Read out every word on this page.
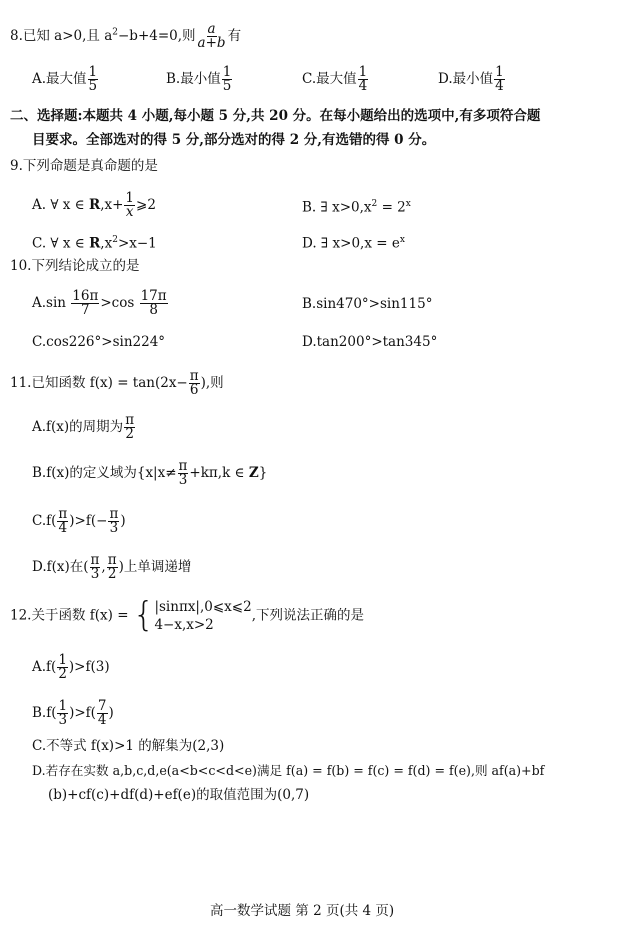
8.已知 a>0,且 $a^2-b+4=0$,则 $\frac{a}{a+b}$ 有
A.最大值 $\frac{1}{5}$	B.最小值 $\frac{1}{5}$	C.最大值 $\frac{1}{4}$	D.最小值 $\frac{1}{4}$
二、选择题:本题共 4 小题,每小题 5 分,共 20 分。在每小题给出的选项中,有多项符合题
目要求。全部选对的得 5 分,部分选对的得 2 分,有选错的得 0 分。
9.下列命题是真命题的是
A. ∀ x ∈ $R,x+ \frac{1}{x}$ ⩾2	B. ∃ $x>0,x^2 = 2^x$
C. ∀ x ∈ $R,x^2>x-1$	D. ∃ $x>0,x = e^x$
10.下列结论成立的是
$A.\sin \frac{16\pi}{7} >\cos \frac{17\pi}{8}$	B.sin470°>sin115°
C.cos226°>sin224°	D.tan200°>tan345°
11.已知函数 $f(x) = \tan(2x- \frac{\pi}{6}$ ),则
A.f(x)的周期为 $\frac{\pi}{2}$
B.f(x)的定义域为{$x|x\ne \frac{\pi}{3} +k\pi,k$ ∈ Z}
$C.f( \frac{\pi}{4} )>f(- \frac{\pi}{3}$ )
D.f(x)在( $\frac{\pi}{3}$ , $\frac{\pi}{2}$ )上单调递增
12.关于函数 f(x) = { |sinπx|,0⩽x⩽2
4−x,x>2
,下列说法正确的是
$A.f( \frac{1}{2} )>f(3)$
$B.f( \frac{1}{3} )>f( \frac{7}{4}$ )
C.不等式 f(x)>1 的解集为(2,3)
D.若存在实数 a,b,c,d,e(a<b<c<d<e)满足 f(a) = f(b) = f(c) = f(d) = f(e),则 af(a)+bf
(b)+cf(c)+df(d)+ef(e)的取值范围为(0,7)
高一数学试题 第 2 页(共 4 页)
